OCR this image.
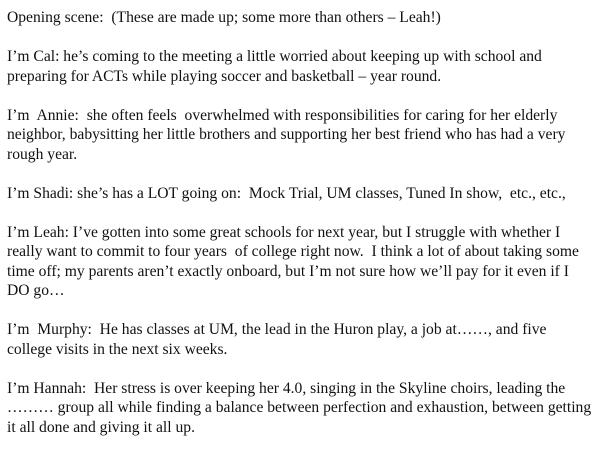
Opening scene:  (These are made up; some more than others – Leah!)

I’m Cal: he’s coming to the meeting a little worried about keeping up with school and preparing for ACTs while playing soccer and basketball – year round.

I’m  Annie:  she often feels  overwhelmed with responsibilities for caring for her elderly neighbor, babysitting her little brothers and supporting her best friend who has had a very rough year.

I’m Shadi: she’s has a LOT going on:  Mock Trial, UM classes, Tuned In show,  etc., etc.,

I’m Leah: I’ve gotten into some great schools for next year, but I struggle with whether I really want to commit to four years  of college right now.  I think a lot of about taking some time off; my parents aren’t exactly onboard, but I’m not sure how we’ll pay for it even if I DO go…

I’m  Murphy:  He has classes at UM, the lead in the Huron play, a job at……, and five college visits in the next six weeks.

I’m Hannah:  Her stress is over keeping her 4.0, singing in the Skyline choirs, leading the ……… group all while finding a balance between perfection and exhaustion, between getting it all done and giving it all up.
